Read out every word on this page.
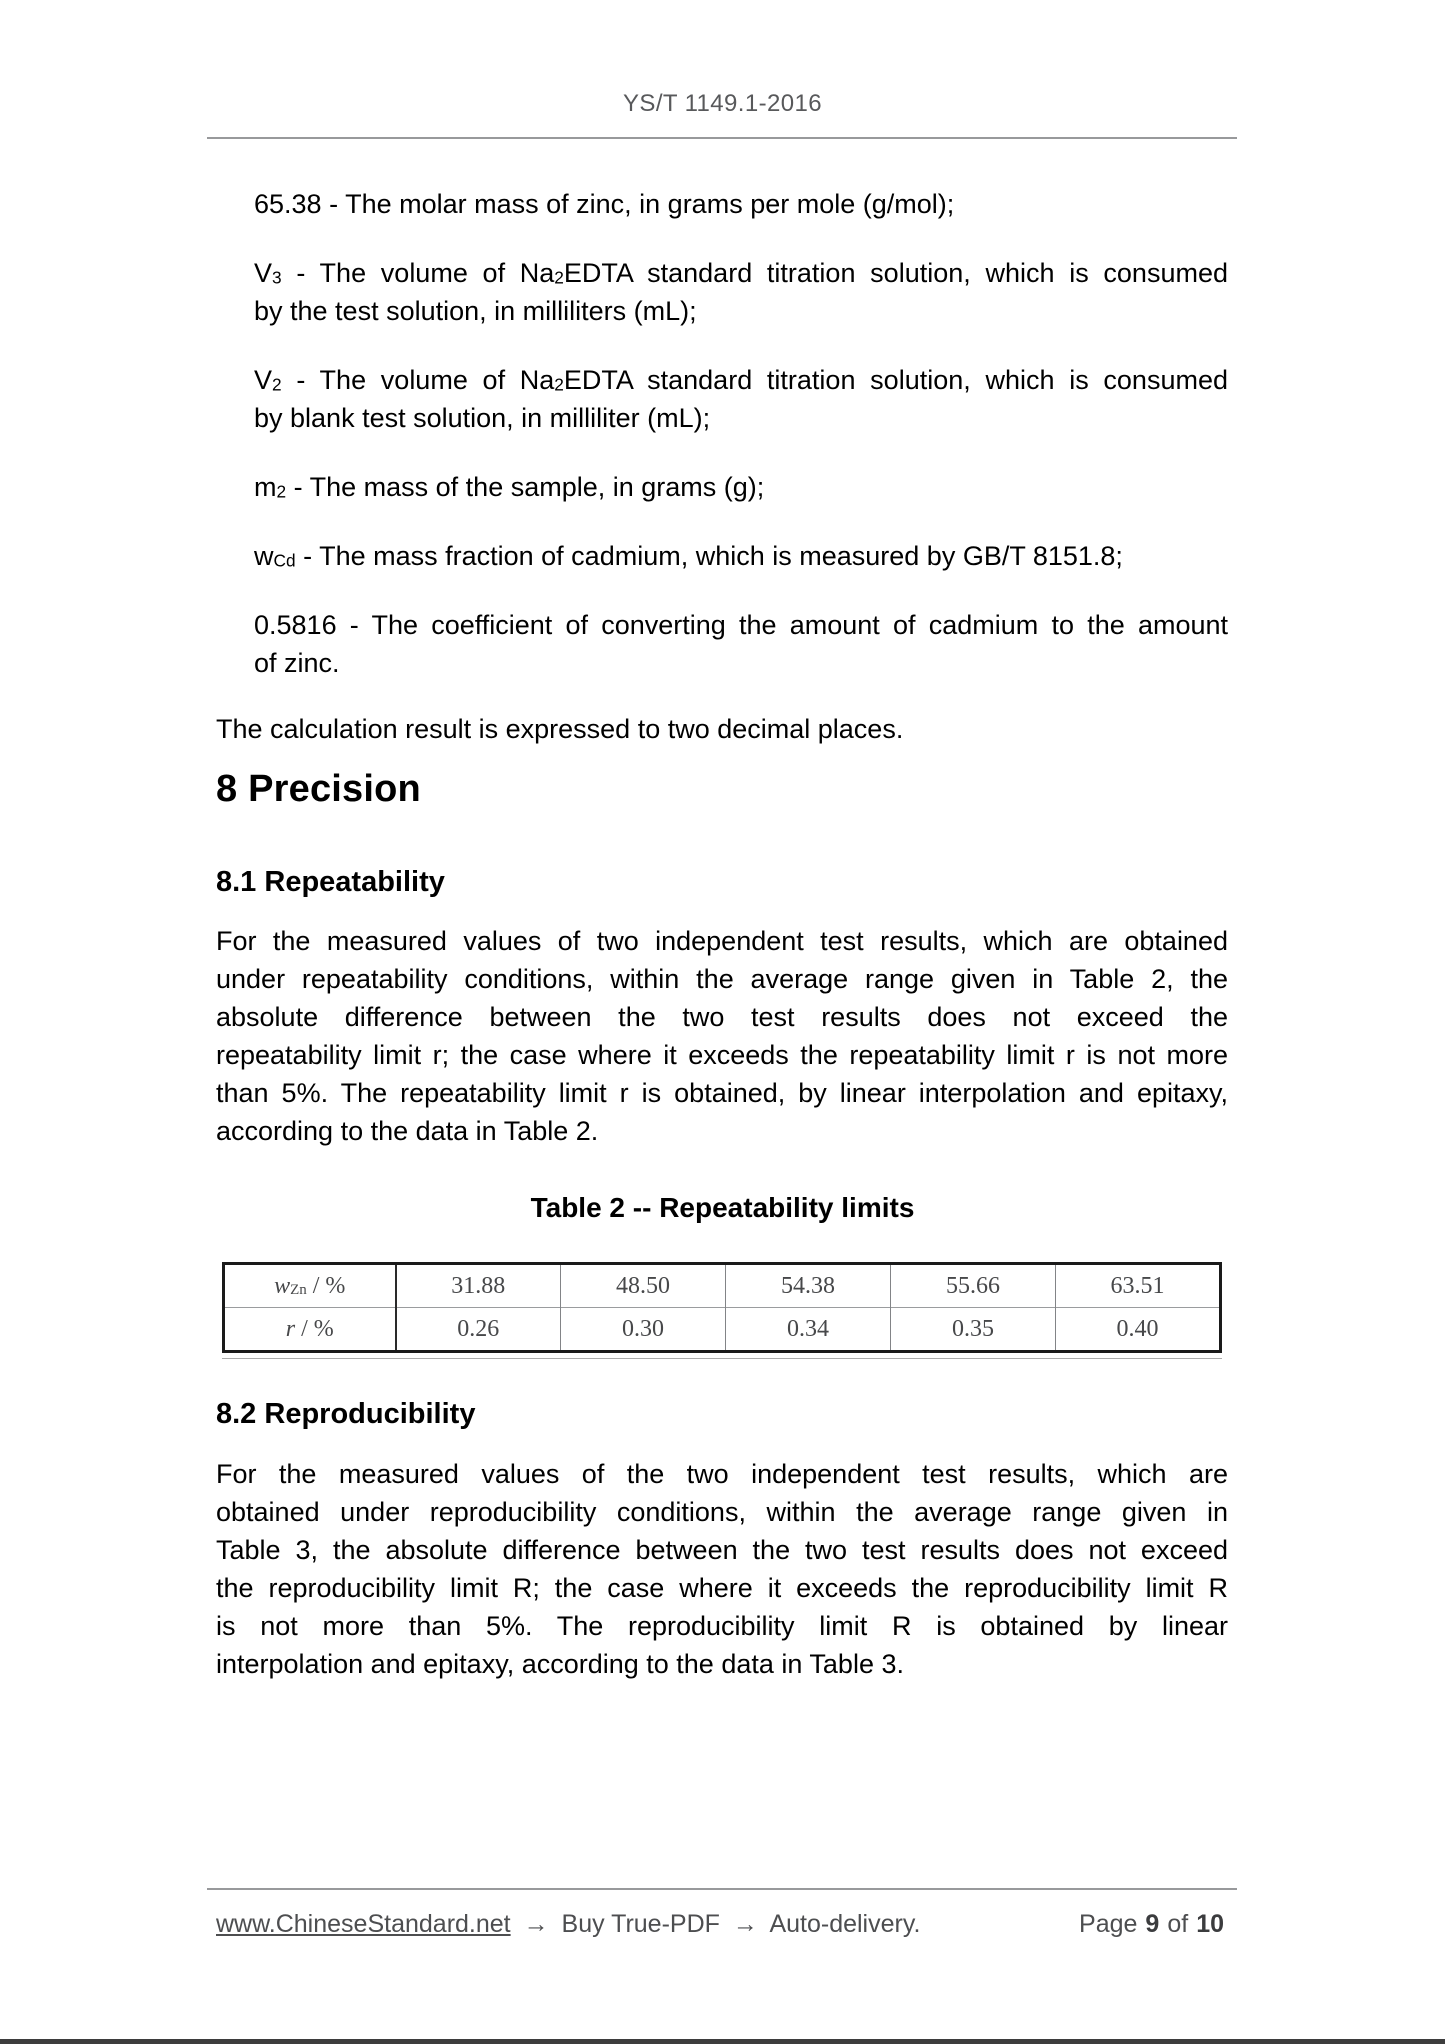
YS/T 1149.1-2016

65.38 - The molar mass of zinc, in grams per mole (g/mol);

$V_3$ - The volume of $Na_2EDTA$ standard titration solution, which is consumed
by the test solution, in milliliters (mL);

$V_2$ - The volume of $Na_2EDTA$ standard titration solution, which is consumed
by blank test solution, in milliliter (mL);

$m_2$ - The mass of the sample, in grams (g);

$w_{Cd}$ - The mass fraction of cadmium, which is measured by GB/T 8151.8;

0.5816 - The coefficient of converting the amount of cadmium to the amount
of zinc.

The calculation result is expressed to two decimal places.

8 Precision
8.1 Repeatability
For the measured values of two independent test results, which are obtained
under repeatability conditions, within the average range given in Table 2, the
absolute difference between the two test results does not exceed the
repeatability limit r; the case where it exceeds the repeatability limit r is not more
than 5%. The repeatability limit r is obtained, by linear interpolation and epitaxy,
according to the data in Table 2.
Table 2 -- Repeatability limits
$w_{Zn}$ / %	31.88	48.50	54.38	55.66	63.51
r / %	0.26	0.30	0.34	0.35	0.40
8.2 Reproducibility
For the measured values of the two independent test results, which are
obtained under reproducibility conditions, within the average range given in
Table 3, the absolute difference between the two test results does not exceed
the reproducibility limit R; the case where it exceeds the reproducibility limit R
is not more than 5%. The reproducibility limit R is obtained by linear
interpolation and epitaxy, according to the data in Table 3.
www.ChineseStandard.net → Buy True-PDF → Auto-delivery.	Page 9 of 10
